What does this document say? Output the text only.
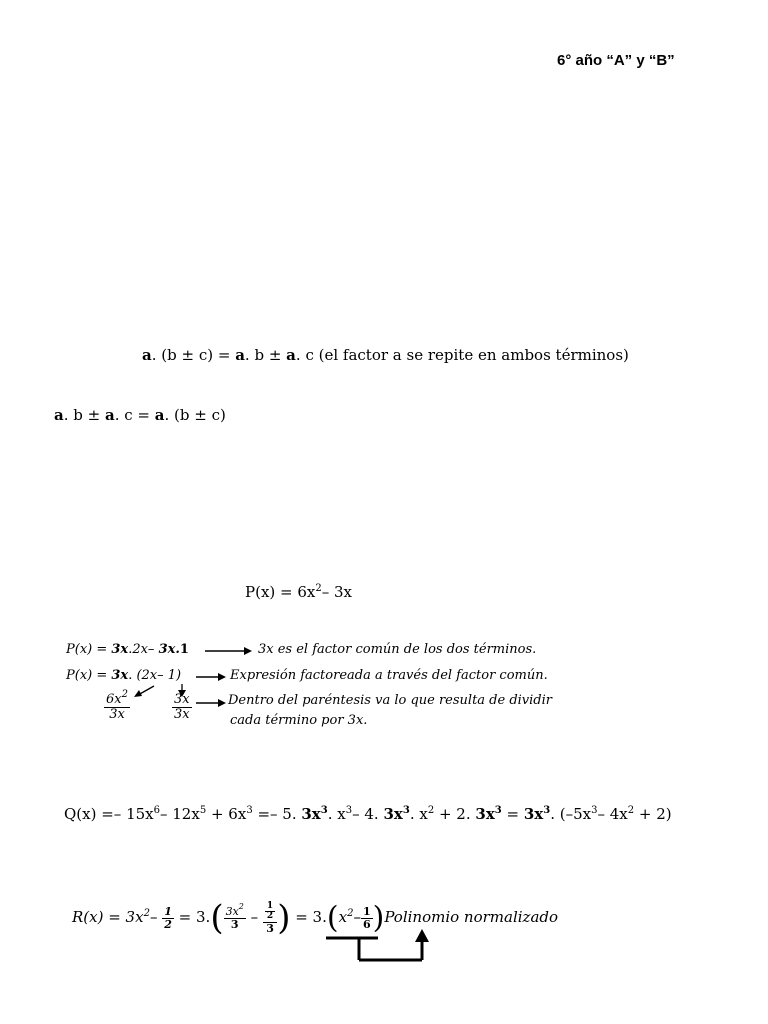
6° año “A” y “B”
a. (b ± c) = a. b ± a. c (el factor a se repite en ambos términos)
a. b ± a. c = a. (b ± c)
$P(x) = 6x^2-$ 3x
P(x) = 3x.2x– 3x.1	3x es el factor común de los dos términos.
P(x) = 3x. (2x– 1)	Expresión factoreada a través del factor común.
$\frac{6x^2}{3x}$	$\frac{3x}{3x}$	Dentro del paréntesis va lo que resulta de dividir
cada término por 3x.
$Q(x) =- 15x^6-$ $12x^5 + 6x^3 =- 5$. $3x^3$. $x^3-$ 4. $3x^3$. $x^2 + 2$. $3x^3 = 3x^3$. ($-5x^3-$ $4x^2 + 2$)
$R(x) = 3x^2- \frac{1}{2} = 3.( \frac{3x^2}{3} - \frac{\frac{1}{2}}{3}$ ) = $3.(x^2- \frac{1}{6}$ )Polinomio normalizado
